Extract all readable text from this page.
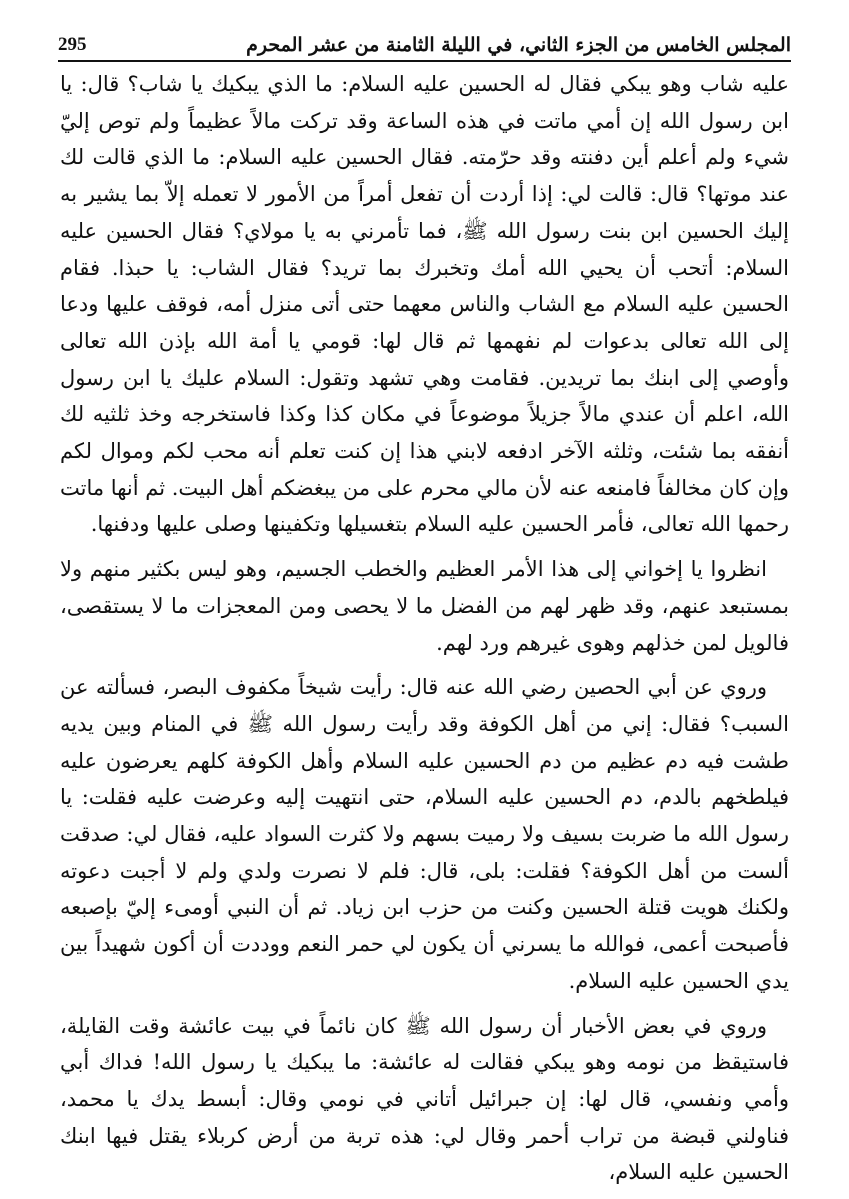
المجلس الخامس من الجزء الثاني، في الليلة الثامنة من عشر المحرم
295

عليه شاب وهو يبكي فقال له الحسين عليه السلام: ما الذي يبكيك يا شاب؟ قال: يا ابن رسول الله إن أمي ماتت في هذه الساعة وقد تركت مالاً عظيماً ولم توص إليّ شيء ولم أعلم أين دفنته وقد حرّمته. فقال الحسين عليه السلام: ما الذي قالت لك عند موتها؟ قال: قالت لي: إذا أردت أن تفعل أمراً من الأمور لا تعمله إلاّ بما يشير به إليك الحسين ابن بنت رسول الله ﷺ، فما تأمرني به يا مولاي؟ فقال الحسين عليه السلام: أتحب أن يحيي الله أمك وتخبرك بما تريد؟ فقال الشاب: يا حبذا. فقام الحسين عليه السلام مع الشاب والناس معهما حتى أتى منزل أمه، فوقف عليها ودعا إلى الله تعالى بدعوات لم نفهمها ثم قال لها: قومي يا أمة الله بإذن الله تعالى وأوصي إلى ابنك بما تريدين. فقامت وهي تشهد وتقول: السلام عليك يا ابن رسول الله، اعلم أن عندي مالاً جزيلاً موضوعاً في مكان كذا وكذا فاستخرجه وخذ ثلثيه لك أنفقه بما شئت، وثلثه الآخر ادفعه لابني هذا إن كنت تعلم أنه محب لكم وموال لكم وإن كان مخالفاً فامنعه عنه لأن مالي محرم على من يبغضكم أهل البيت. ثم أنها ماتت رحمها الله تعالى، فأمر الحسين عليه السلام بتغسيلها وتكفينها وصلى عليها ودفنها.

انظروا يا إخواني إلى هذا الأمر العظيم والخطب الجسيم، وهو ليس بكثير منهم ولا بمستبعد عنهم، وقد ظهر لهم من الفضل ما لا يحصى ومن المعجزات ما لا يستقصى، فالويل لمن خذلهم وهوى غيرهم ورد لهم.

وروي عن أبي الحصين رضي الله عنه قال: رأيت شيخاً مكفوف البصر، فسألته عن السبب؟ فقال: إني من أهل الكوفة وقد رأيت رسول الله ﷺ في المنام وبين يديه طشت فيه دم عظيم من دم الحسين عليه السلام وأهل الكوفة كلهم يعرضون عليه فيلطخهم بالدم، دم الحسين عليه السلام، حتى انتهيت إليه وعرضت عليه فقلت: يا رسول الله ما ضربت بسيف ولا رميت بسهم ولا كثرت السواد عليه، فقال لي: صدقت ألست من أهل الكوفة؟ فقلت: بلى، قال: فلم لا نصرت ولدي ولم لا أجبت دعوته ولكنك هويت قتلة الحسين وكنت من حزب ابن زياد. ثم أن النبي أومىء إليّ بإصبعه فأصبحت أعمى، فوالله ما يسرني أن يكون لي حمر النعم ووددت أن أكون شهيداً بين يدي الحسين عليه السلام.

وروي في بعض الأخبار أن رسول الله ﷺ كان نائماً في بيت عائشة وقت القايلة، فاستيقظ من نومه وهو يبكي فقالت له عائشة: ما يبكيك يا رسول الله! فداك أبي وأمي ونفسي، قال لها: إن جبرائيل أتاني في نومي وقال: أبسط يدك يا محمد، فناولني قبضة من تراب أحمر وقال لي: هذه تربة من أرض كربلاء يقتل فيها ابنك الحسين عليه السلام،
